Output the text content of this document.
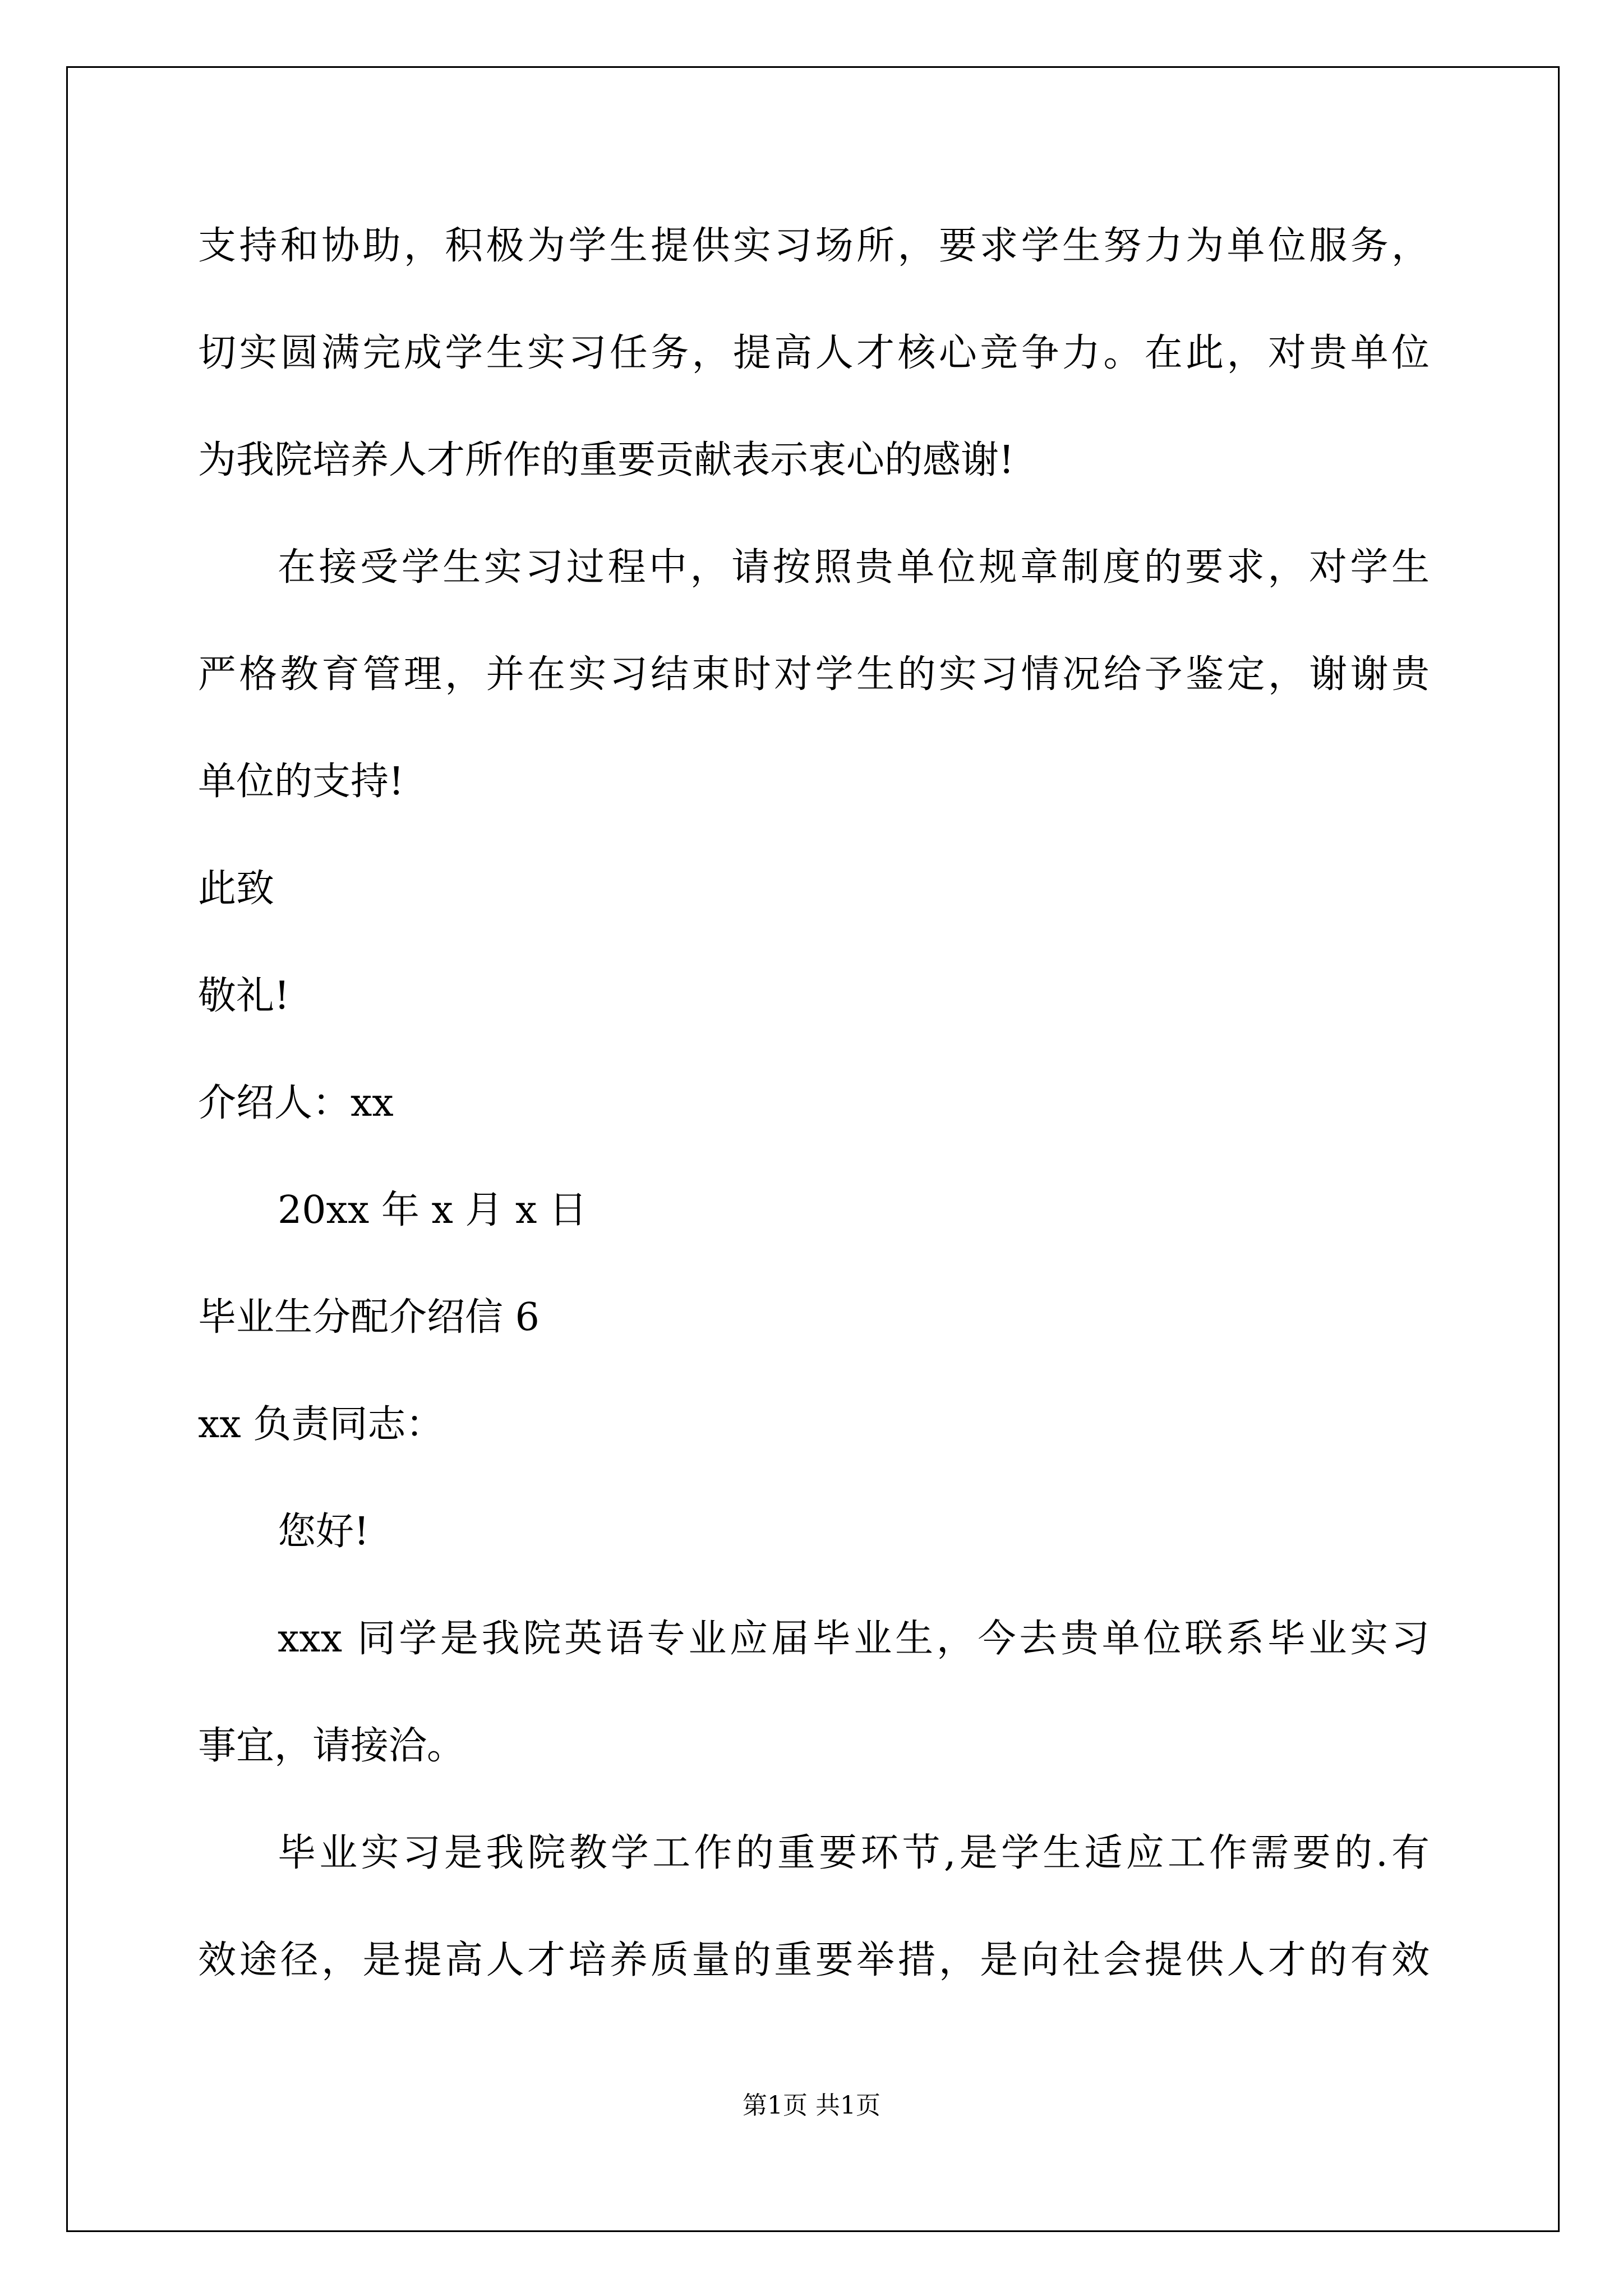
支持和协助，积极为学生提供实习场所，要求学生努力为单位服务，
切实圆满完成学生实习任务，提高人才核心竞争力。在此，对贵单位
为我院培养人才所作的重要贡献表示衷心的感谢!
在接受学生实习过程中，请按照贵单位规章制度的要求，对学生
严格教育管理，并在实习结束时对学生的实习情况给予鉴定，谢谢贵
单位的支持!
此致
敬礼!
介绍人：xx
20xx 年 x 月 x 日
毕业生分配介绍信 6
xx 负责同志：
您好!
xxx 同学是我院英语专业应届毕业生，今去贵单位联系毕业实习
事宜，请接洽。
毕业实习是我院教学工作的重要环节,是学生适应工作需要的.有
效途径，是提高人才培养质量的重要举措，是向社会提供人才的有效
第1页 共1页
